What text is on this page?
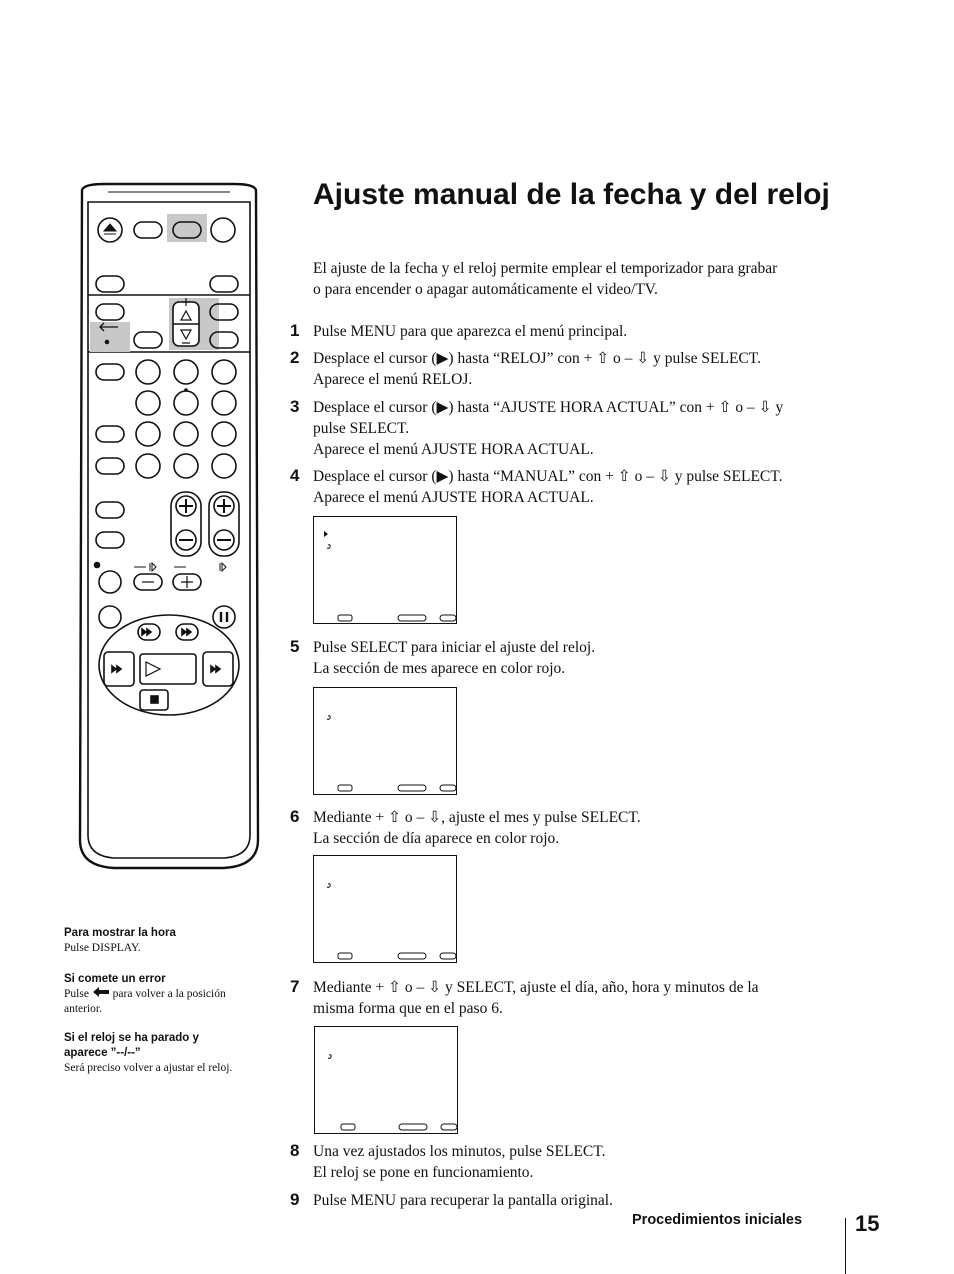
Ajuste manual de la fecha y del reloj
El ajuste de la fecha y el reloj permite emplear el temporizador para grabar
o para encender o apagar automáticamente el video/TV.
1 Pulse MENU para que aparezca el menú principal.
2 Desplace el cursor (▶) hasta “RELOJ” con + ⇧ o – ⇩ y pulse SELECT.
Aparece el menú RELOJ.
3 Desplace el cursor (▶) hasta “AJUSTE HORA ACTUAL” con + ⇧ o – ⇩ y
pulse SELECT.
Aparece el menú AJUSTE HORA ACTUAL.
4 Desplace el cursor (▶) hasta “MANUAL” con + ⇧ o – ⇩ y pulse SELECT.
Aparece el menú AJUSTE HORA ACTUAL.
5 Pulse SELECT para iniciar el ajuste del reloj.
La sección de mes aparece en color rojo.
6 Mediante + ⇧ o – ⇩, ajuste el mes y pulse SELECT.
La sección de día aparece en color rojo.
7 Mediante + ⇧ o – ⇩ y SELECT, ajuste el día, año, hora y minutos de la
misma forma que en el paso 6.
8 Una vez ajustados los minutos, pulse SELECT.
El reloj se pone en funcionamiento.
9 Pulse MENU para recuperar la pantalla original.
Para mostrar la hora
Pulse DISPLAY.
Si comete un error
Pulse para volver a la posición
anterior.
Si el reloj se ha parado y
aparece ”--/--”
Será preciso volver a ajustar el reloj.
Procedimientos iniciales 15
